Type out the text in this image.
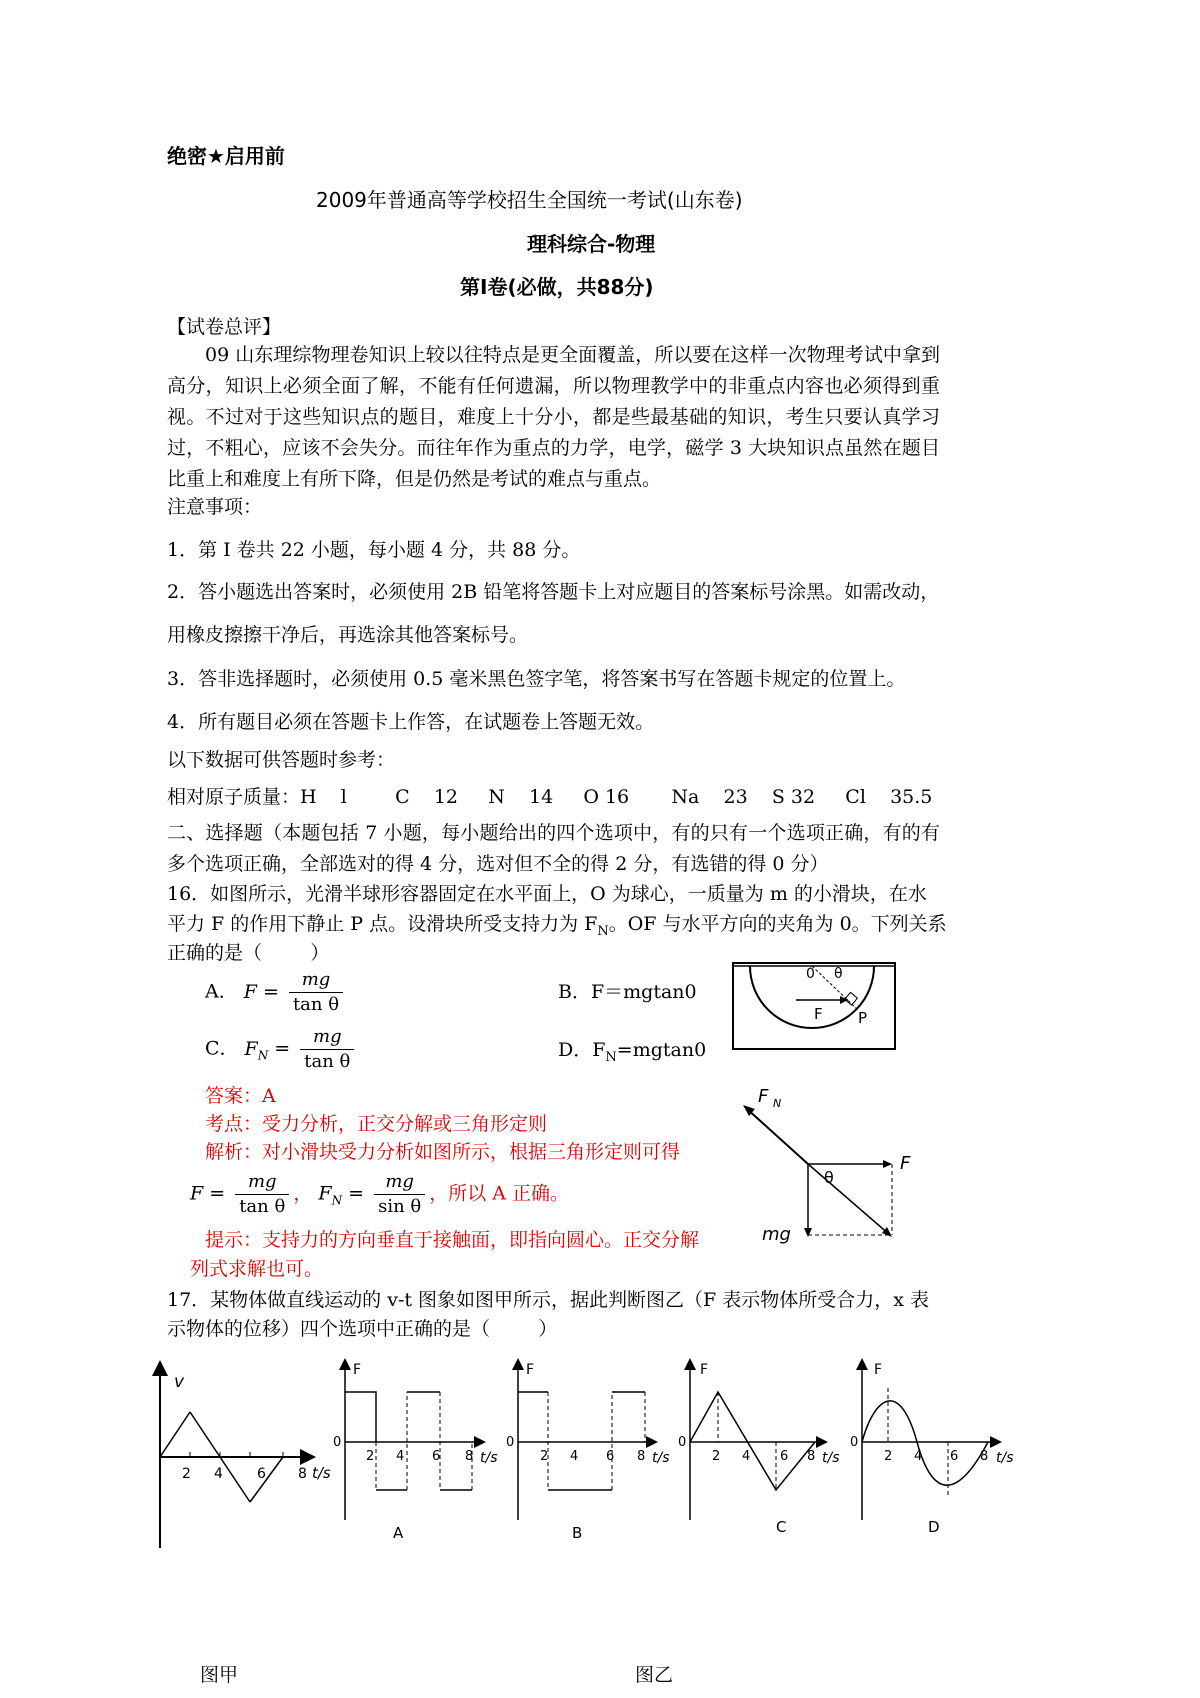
绝密★启用前
2009年普通高等学校招生全国统一考试(山东卷)
理科综合-物理
第Ⅰ卷(必做，共88分)
【试卷总评】
09 山东理综物理卷知识上较以往特点是更全面覆盖，所以要在这样一次物理考试中拿到高分，知识上必须全面了解，不能有任何遗漏，所以物理教学中的非重点内容也必须得到重视。不过对于这些知识点的题目，难度上十分小，都是些最基础的知识，考生只要认真学习过，不粗心，应该不会失分。而往年作为重点的力学，电学，磁学 3 大块知识点虽然在题目比重上和难度上有所下降，但是仍然是考试的难点与重点。
注意事项：
1．第 I 卷共 22 小题，每小题 4 分，共 88 分。
2．答小题选出答案时，必须使用 2B 铅笔将答题卡上对应题目的答案标号涂黑。如需改动，
用橡皮擦擦干净后，再选涂其他答案标号。
3．答非选择题时，必须使用 0.5 毫米黑色签字笔，将答案书写在答题卡规定的位置上。
4．所有题目必须在答题卡上作答，在试题卷上答题无效。
以下数据可供答题时参考：
相对原子质量：H    l        C    12     N    14     O 16       Na    23    S 32     Cl    35.5
二、选择题（本题包括 7 小题，每小题给出的四个选项中，有的只有一个选项正确，有的有多个选项正确，全部选对的得 4 分，选对但不全的得 2 分，有选错的得 0 分）
16．如图所示，光滑半球形容器固定在水平面上，O 为球心，一质量为 m 的小滑块，在水
平力 F 的作用下静止 P 点。设滑块所受支持力为 $F_N$。OF 与水平方向的夹角为 0。下列关系
正确的是（        ）
A． $F = \frac{mg}{\text{tan θ}}$	B．F＝mgtan0
C． $F_N = \frac{mg}{\text{tan θ}}$	D．$F_N=mgtan0$
0 θ
F P
答案：A
考点：受力分析，正交分解或三角形定则
解析：对小滑块受力分析如图所示，根据三角形定则可得
$F = \frac{mg}{\text{tan θ}}$ ， $F_N = \frac{mg}{\text{sin θ}}$ ，所以 A 正确。
提示：支持力的方向垂直于接触面，即指向圆心。正交分解
列式求解也可。
F N
F
θ
mg
17．某物体做直线运动的 v-t 图象如图甲所示，据此判断图乙（F 表示物体所受合力，x 表
示物体的位移）四个选项中正确的是（        ）
v
2 4 6 8 t/s
F
0
2 4 6 8 t/s
A
F
0
2 4 6 8 t/s
B
F
0
2 4 6 8 t/s
C
F
0
2 4 6 8 t/s
D
图甲	图乙
